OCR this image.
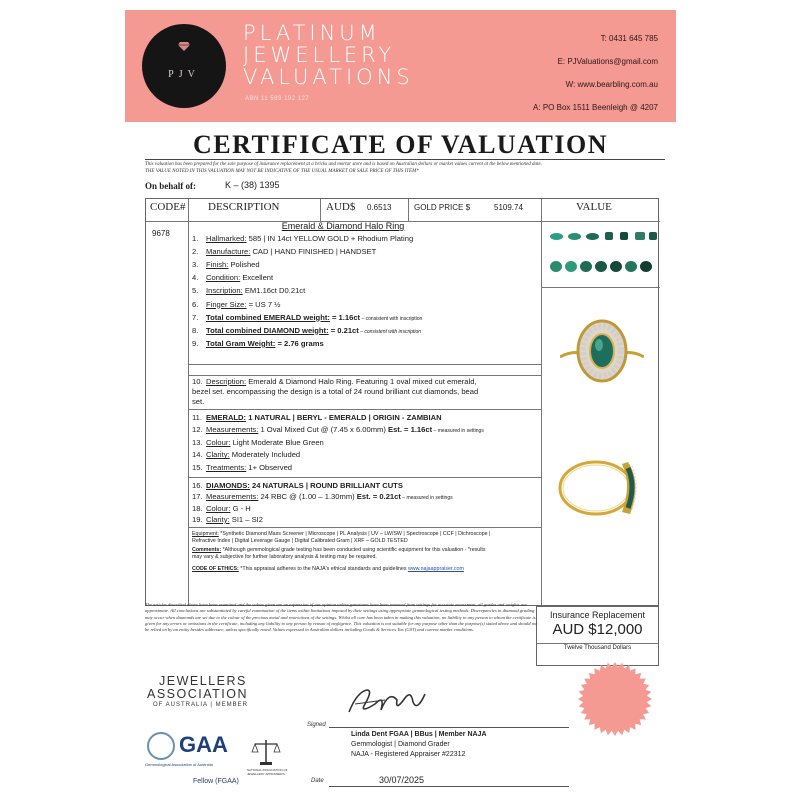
PJV
PLATINUM
JEWELLERY
VALUATIONS
ABN 11 589 192 127
T: 0431 645 785
E: PJValuations@gmail.com
W: www.bearbling.com.au
A: PO Box 1511 Beenleigh @ 4207
CERTIFICATE OF VALUATION
This valuation has been prepared for the sole purpose of insurance replacement at a bricks and mortar store and is based on Australian dollars or market values current at the below mentioned date.
THE VALUE NOTED IN THIS VALUATION MAY NOT BE INDICATIVE OF THE USUAL MARKET OR SALE PRICE OF THIS ITEM*
On behalf of:	K – (38) 1395
CODE# DESCRIPTION	AUD$ 0.6513	GOLD PRICE $	5109.74	VALUE
9678
Emerald & Diamond Halo Ring
1. Hallmarked: 585 | IN 14ct YELLOW GOLD + Rhodium Plating
2. Manufacture: CAD | HAND FINISHED | HANDSET
3. Finish: Polished
4. Condition: Excellent
5. Inscription: EM1.16ct D0.21ct
6. Finger Size: = US 7 ½
7. Total combined EMERALD weight: = 1.16ct – consistent with inscription
8. Total combined DIAMOND weight: = 0.21ct – consistent with inscription
9. Total Gram Weight: = 2.76 grams
10. Description: Emerald & Diamond Halo Ring. Featuring 1 oval mixed cut emerald, bezel set. encompassing the design is a total of 24 round brilliant cut diamonds, bead set.
11. EMERALD: 1 NATURAL | BERYL - EMERALD | ORIGIN - ZAMBIAN
12. Measurements: 1 Oval Mixed Cut @ (7.45 x 6.00mm) Est. = 1.16ct – measured in settings
13. Colour: Light Moderate Blue Green
14. Clarity: Moderately Included
15. Treatments: 1+ Observed
16. DIAMONDS: 24 NATURALS | ROUND BRILLIANT CUTS
17. Measurements: 24 RBC @ (1.00 – 1.30mm) Est. = 0.21ct – measured in settings
18. Colour: G - H
19. Clarity: SI1 – SI2
Equipment: *Synthetic Diamond Mass Screener | Microscope | PL Analysis | UV – LW/SW | Spectroscope | CCF | Dichroscope | Refractive Index | Digital Leverage Gauge | Digital Calibrated Gram | XRF – GOLD TESTED
Comments: *Although gemmological grade testing has been conducted using scientific equipment for this valuation - *results may vary & subjective for further laboratory analysis & testing may be required.
CODE OF ETHICS: *This appraisal adheres to the NAJA's ethical standards and guidelines www.najaappraiser.com
The articles described above have been examined and the values given are an expression of our opinion unless gemstones have been removed from settings for accurate assessment, all grades and weights are approximate. All conclusions are substantiated by careful examination of the items within limitations imposed by their settings using appropriate gemmological testing methods. Discrepancies in diamond grading may occur when diamonds are set due to the colour of the precious metal and restrictions of the settings. Whilst all care has been taken in making this valuation, no liability to any person to whom the certificate is given for any errors or omissions in the certificate, including any liability to any person by reason of negligence. This valuation is not suitable for any purpose other than the purpose(s) stated above and should not be relied on by an entity besides addressee, unless specifically noted. Values expressed in Australian dollars including Goods & Services Tax (GST) and current market conditions.
Insurance Replacement
AUD $12,000
Twelve Thousand Dollars
JEWELLERS
ASSOCIATION
OF AUSTRALIA | MEMBER
Signed
Linda Dent FGAA | BBus | Member NAJA
Gemmologist | Diamond Grader
NAJA - Registered Appraiser #22312
GAA
Gemmological Association of Australia
Fellow (FGAA)
NATIONAL ASSOCIATION OF JEWELLERY APPRAISERS
Date	30/07/2025
